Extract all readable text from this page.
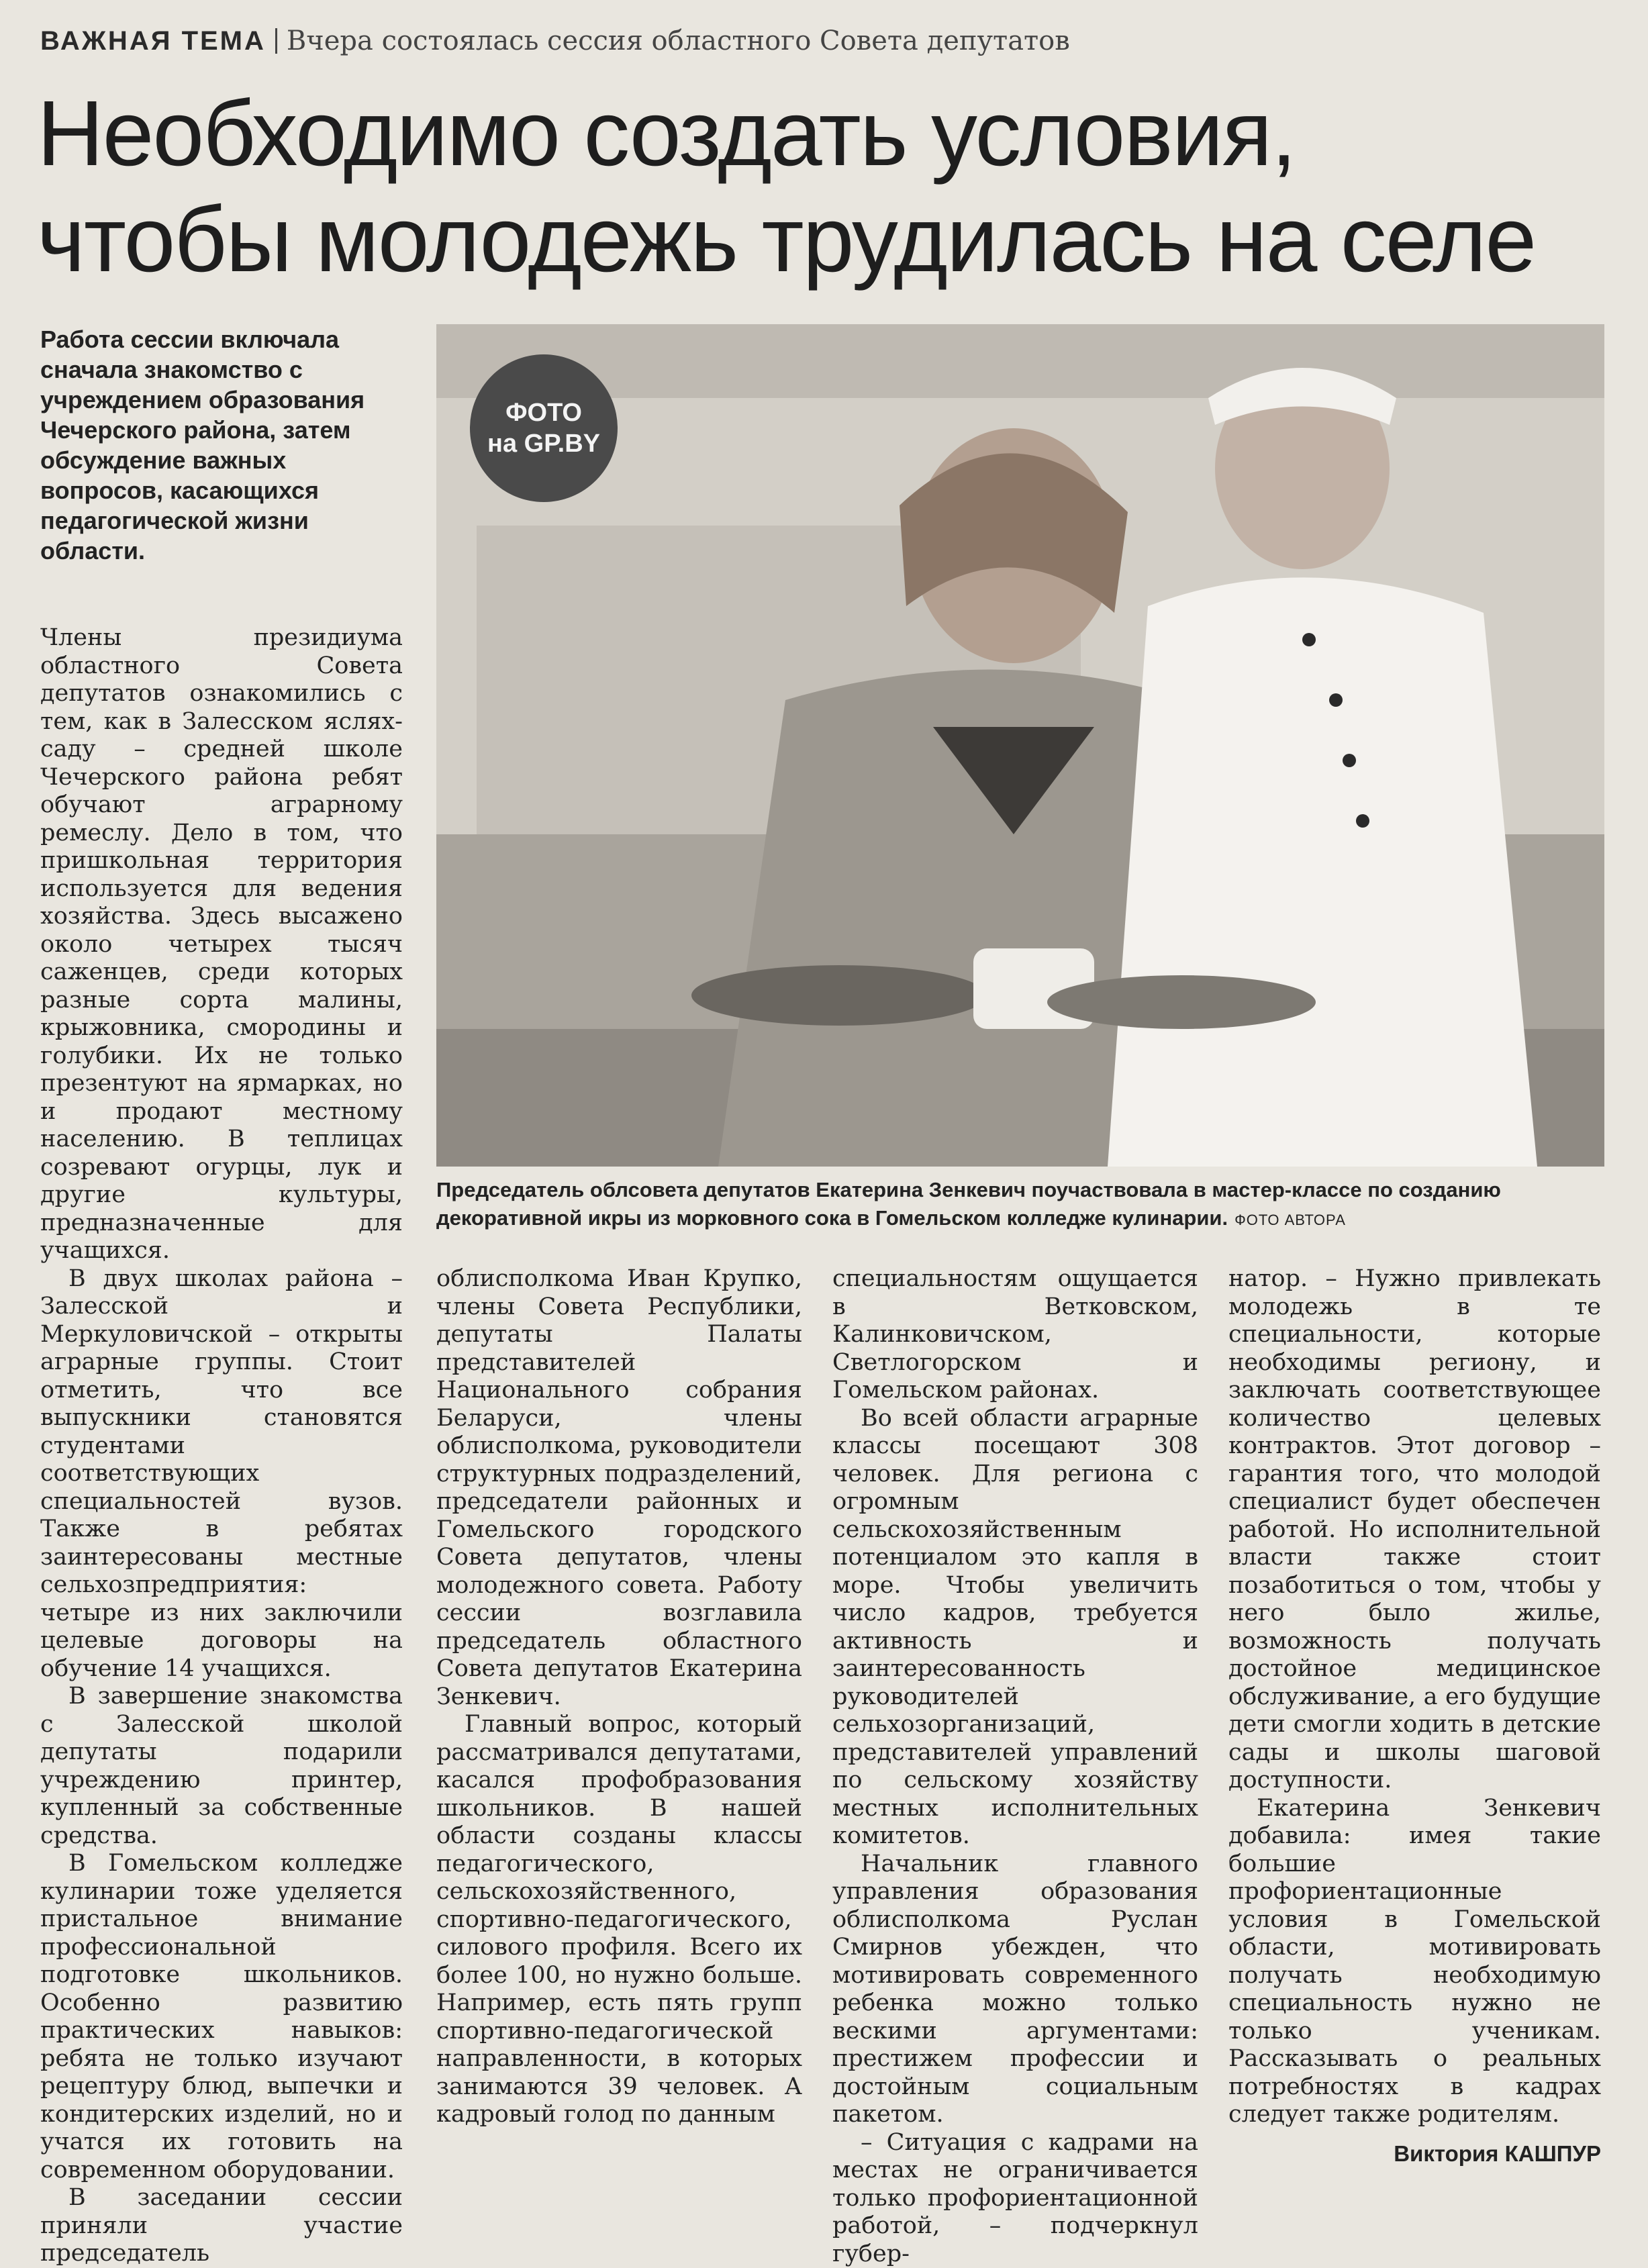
ВАЖНАЯ ТЕМА Вчера состоялась сессия областного Совета депутатов
Необходимо создать условия,
чтобы молодежь трудилась на селе
Работа сессии включала сначала знакомство с учреждением образования Чечерского района, затем обсуждение важных вопросов, касающихся педагогической жизни области.
ФОТО
на GP.BY
Председатель облсовета депутатов Екатерина Зенкевич поучаствовала в мастер-классе по созданию декоративной икры из морковного сока в Гомельском колледже кулинарии. ФОТО АВТОРА

Члены президиума областного Совета депутатов ознакомились с тем, как в Залесском яслях-саду – средней школе Чечерского района ребят обучают аграрному ремеслу. Дело в том, что пришкольная территория используется для ведения хозяйства. Здесь высажено около четырех тысяч саженцев, среди которых разные сорта малины, крыжовника, смородины и голубики. Их не только презентуют на ярмарках, но и продают местному населению. В теплицах созревают огурцы, лук и другие культуры, предназначенные для учащихся.

В двух школах района – Залесской и Меркуловичской – открыты аграрные группы. Стоит отметить, что все выпускники становятся студентами соответствующих специальностей вузов. Также в ребятах заинтересованы местные сельхозпредприятия: четыре из них заключили целевые договоры на обучение 14 учащихся.

В завершение знакомства с Залесской школой депутаты подарили учреждению принтер, купленный за собственные средства.

В Гомельском колледже кулинарии тоже уделяется пристальное внимание профессиональной подготовке школьников. Особенно развитию практических навыков: ребята не только изучают рецептуру блюд, выпечки и кондитерских изделий, но и учатся их готовить на современном оборудовании.

В заседании сессии приняли участие председатель

облисполкома Иван Крупко, члены Совета Республики, депутаты Палаты представителей Национального собрания Беларуси, члены облисполкома, руководители структурных подразделений, председатели районных и Гомельского городского Совета депутатов, члены молодежного совета. Работу сессии возглавила председатель областного Совета депутатов Екатерина Зенкевич.

Главный вопрос, который рассматривался депутатами, касался профобразования школьников. В нашей области созданы классы педагогического, сельскохозяйственного, спортивно-педагогического, силового профиля. Всего их более 100, но нужно больше. Например, есть пять групп спортивно-педагогической направленности, в которых занимаются 39 человек. А кадровый голод по данным

специальностям ощущается в Ветковском, Калинковичском, Светлогорском и Гомельском районах.

Во всей области аграрные классы посещают 308 человек. Для региона с огромным сельскохозяйственным потенциалом это капля в море. Чтобы увеличить число кадров, требуется активность и заинтересованность руководителей сельхозорганизаций, представителей управлений по сельскому хозяйству местных исполнительных комитетов.

Начальник главного управления образования облисполкома Руслан Смирнов убежден, что мотивировать современного ребенка можно только вескими аргументами: престижем профессии и достойным социальным пакетом.

– Ситуация с кадрами на местах не ограничивается только профориентационной работой, – подчеркнул губер-

натор. – Нужно привлекать молодежь в те специальности, которые необходимы региону, и заключать соответствующее количество целевых контрактов. Этот договор – гарантия того, что молодой специалист будет обеспечен работой. Но исполнительной власти также стоит позаботиться о том, чтобы у него было жилье, возможность получать достойное медицинское обслуживание, а его будущие дети смогли ходить в детские сады и школы шаговой доступности.

Екатерина Зенкевич добавила: имея такие большие профориентационные условия в Гомельской области, мотивировать получать необходимую специальность нужно не только ученикам. Рассказывать о реальных потребностях в кадрах следует также родителям.

Виктория КАШПУР
